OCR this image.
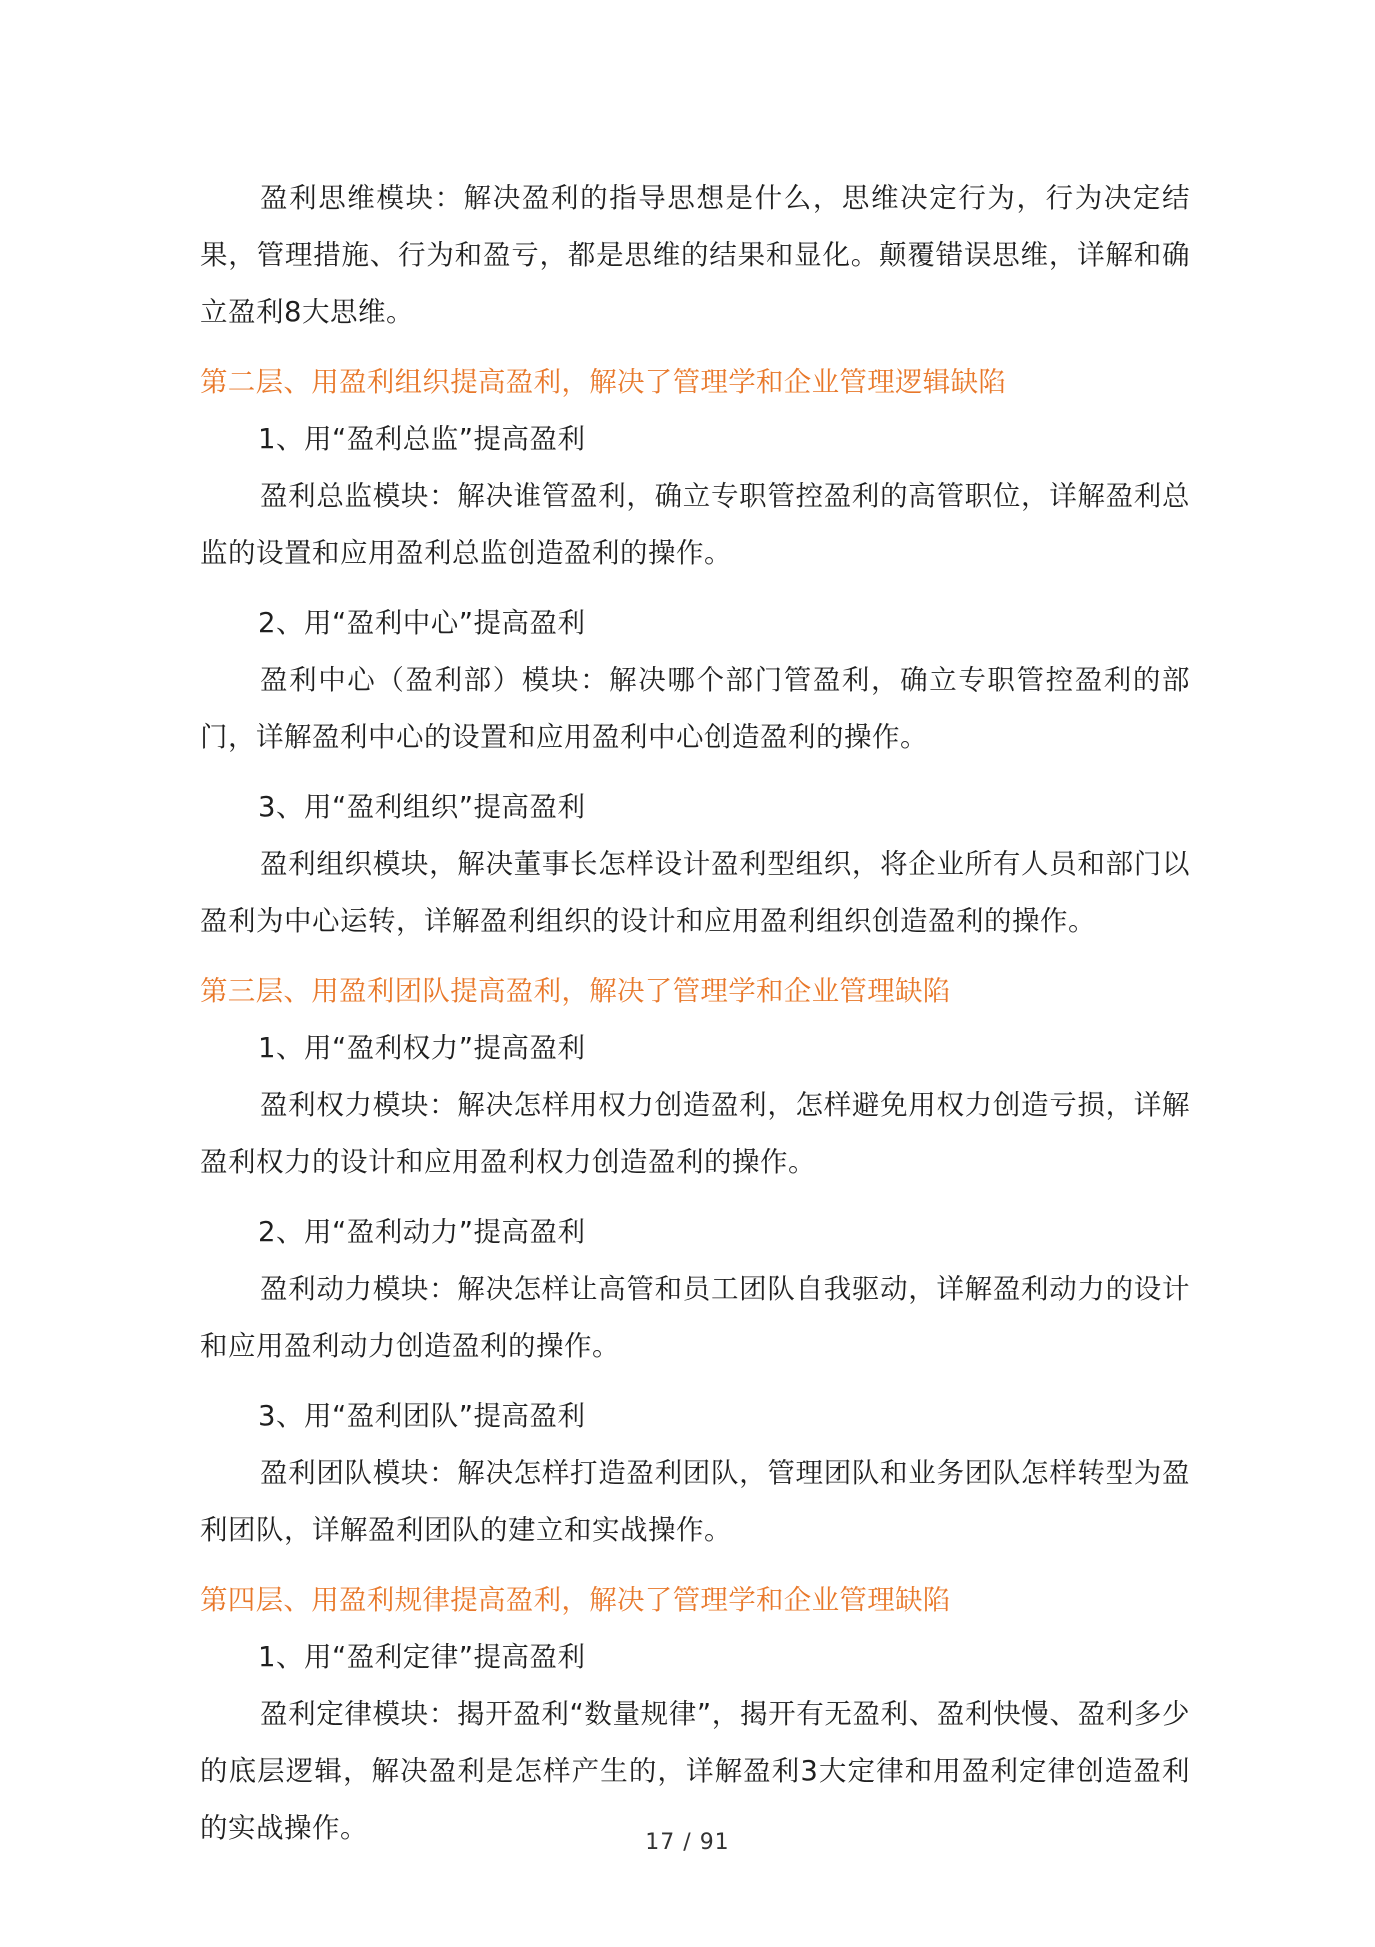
盈利思维模块：解决盈利的指导思想是什么，思维决定行为，行为决定结果，管理措施、行为和盈亏，都是思维的结果和显化。颠覆错误思维，详解和确立盈利8大思维。

第二层、用盈利组织提高盈利，解决了管理学和企业管理逻辑缺陷

1、用“盈利总监”提高盈利

盈利总监模块：解决谁管盈利，确立专职管控盈利的高管职位，详解盈利总监的设置和应用盈利总监创造盈利的操作。

2、用“盈利中心”提高盈利

盈利中心（盈利部）模块：解决哪个部门管盈利，确立专职管控盈利的部门，详解盈利中心的设置和应用盈利中心创造盈利的操作。

3、用“盈利组织”提高盈利

盈利组织模块，解决董事长怎样设计盈利型组织，将企业所有人员和部门以盈利为中心运转，详解盈利组织的设计和应用盈利组织创造盈利的操作。

第三层、用盈利团队提高盈利，解决了管理学和企业管理缺陷

1、用“盈利权力”提高盈利

盈利权力模块：解决怎样用权力创造盈利，怎样避免用权力创造亏损，详解盈利权力的设计和应用盈利权力创造盈利的操作。

2、用“盈利动力”提高盈利

盈利动力模块：解决怎样让高管和员工团队自我驱动，详解盈利动力的设计和应用盈利动力创造盈利的操作。

3、用“盈利团队”提高盈利

盈利团队模块：解决怎样打造盈利团队，管理团队和业务团队怎样转型为盈利团队，详解盈利团队的建立和实战操作。

第四层、用盈利规律提高盈利，解决了管理学和企业管理缺陷

1、用“盈利定律”提高盈利

盈利定律模块：揭开盈利“数量规律”，揭开有无盈利、盈利快慢、盈利多少的底层逻辑，解决盈利是怎样产生的，详解盈利3大定律和用盈利定律创造盈利的实战操作。	17 / 91
